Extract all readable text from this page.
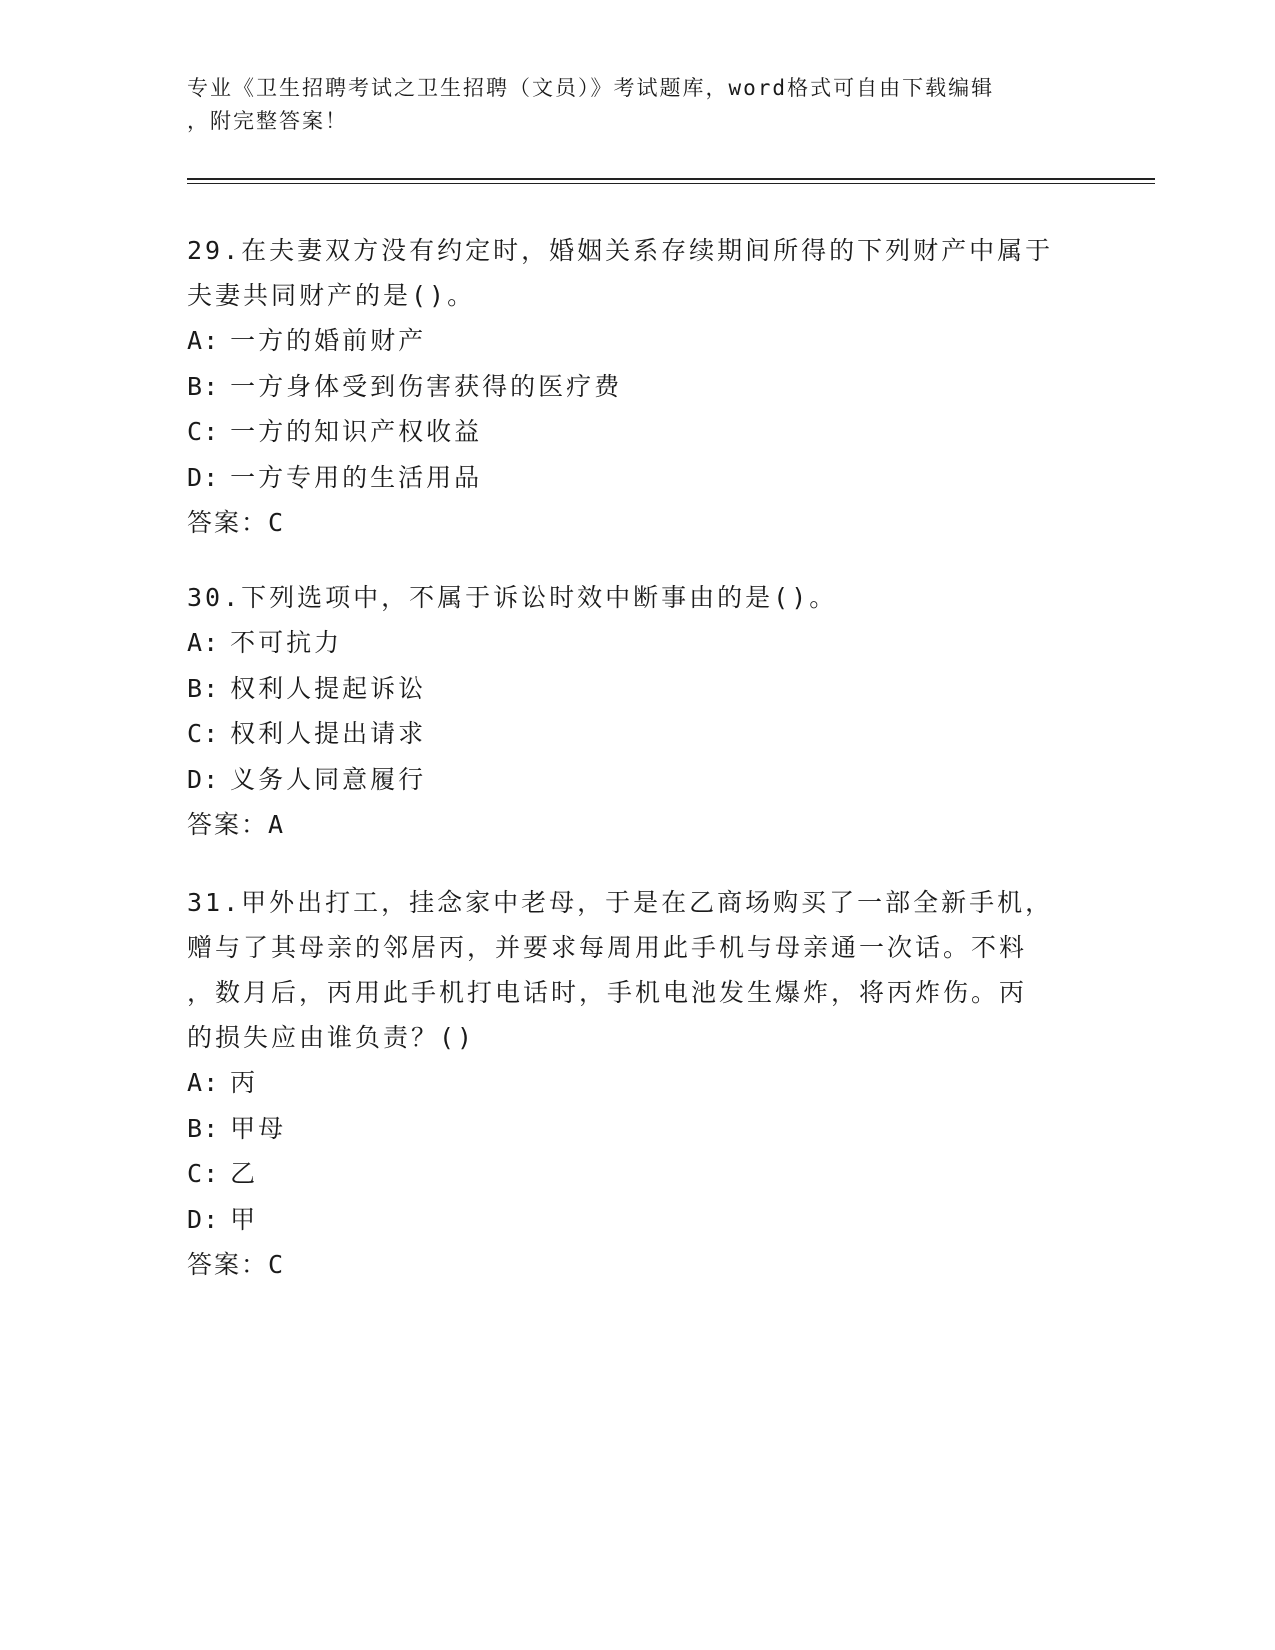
专业《卫生招聘考试之卫生招聘（文员）》考试题库，word格式可自由下载编辑
，附完整答案！
29.在夫妻双方没有约定时，婚姻关系存续期间所得的下列财产中属于
夫妻共同财产的是()。
A: 一方的婚前财产
B: 一方身体受到伤害获得的医疗费
C: 一方的知识产权收益
D: 一方专用的生活用品
答案：C
30.下列选项中，不属于诉讼时效中断事由的是()。
A: 不可抗力
B: 权利人提起诉讼
C: 权利人提出请求
D: 义务人同意履行
答案：A
31.甲外出打工，挂念家中老母，于是在乙商场购买了一部全新手机，
赠与了其母亲的邻居丙，并要求每周用此手机与母亲通一次话。不料
，数月后，丙用此手机打电话时，手机电池发生爆炸，将丙炸伤。丙
的损失应由谁负责？()
A: 丙
B: 甲母
C: 乙
D: 甲
答案：C
